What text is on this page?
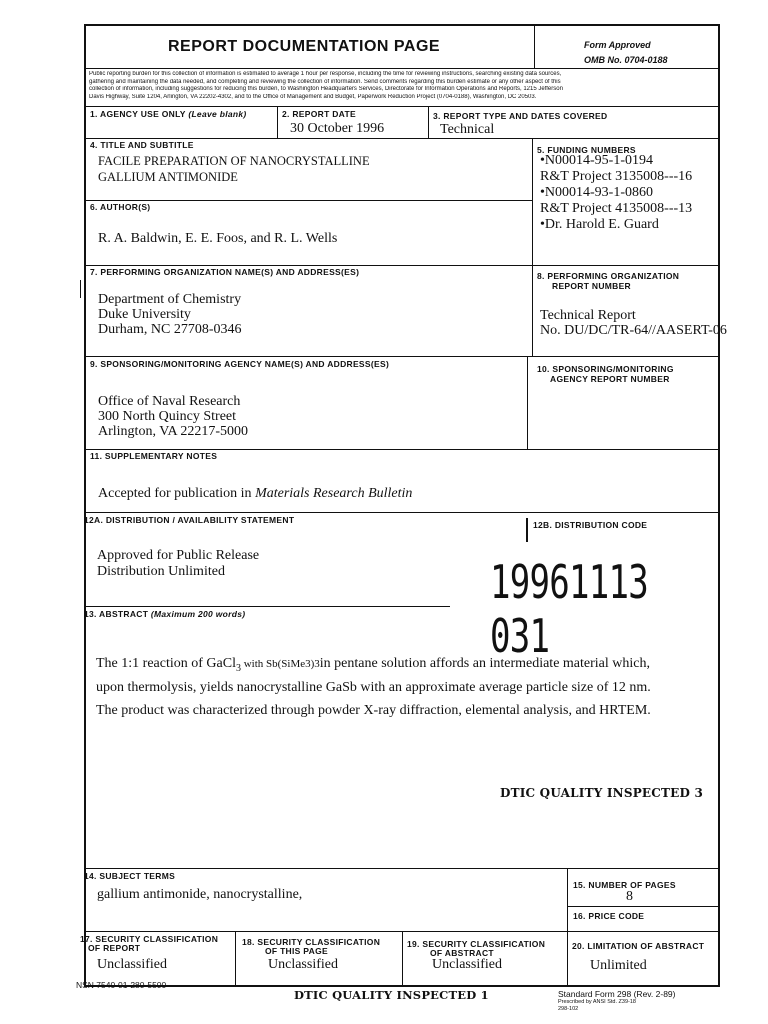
REPORT DOCUMENTATION PAGE	Form Approved
OMB No. 0704-0188
Public reporting burden for this collection of information is estimated to average 1 hour per response, including the time for reviewing instructions, searching existing data sources,
gathering and maintaining the data needed, and completing and reviewing the collection of information. Send comments regarding this burden estimate or any other aspect of this
collection of information, including suggestions for reducing this burden, to Washington Headquarters Services, Directorate for Information Operations and Reports, 1215 Jefferson
Davis Highway, Suite 1204, Arlington, VA 22202-4302, and to the Office of Management and Budget, Paperwork Reduction Project (0704-0188), Washington, DC 20503.
1. AGENCY USE ONLY (Leave blank)	2. REPORT DATE
30 October 1996
3. REPORT TYPE AND DATES COVERED
Technical
4. TITLE AND SUBTITLE
FACILE PREPARATION OF NANOCRYSTALLINE
GALLIUM ANTIMONIDE
5. FUNDING NUMBERS
•N00014-95-1-0194
R&T Project 3135008---16
•N00014-93-1-0860
R&T Project 4135008---13
•Dr. Harold E. Guard
6. AUTHOR(S)
R. A. Baldwin, E. E. Foos, and R. L. Wells
7. PERFORMING ORGANIZATION NAME(S) AND ADDRESS(ES)
Department of Chemistry
Duke University
Durham, NC 27708-0346
8. PERFORMING ORGANIZATION
REPORT NUMBER
Technical Report
No. DU/DC/TR-64//AASERT-06
9. SPONSORING/MONITORING AGENCY NAME(S) AND ADDRESS(ES)
Office of Naval Research
300 North Quincy Street
Arlington, VA 22217-5000
10. SPONSORING/MONITORING
AGENCY REPORT NUMBER
11. SUPPLEMENTARY NOTES
Accepted for publication in Materials Research Bulletin
12A. DISTRIBUTION / AVAILABILITY STATEMENT	12B. DISTRIBUTION CODE
Approved for Public Release
Distribution Unlimited	19961113 031
13. ABSTRACT (Maximum 200 words)
The 1:1 reaction of GaCl$_3$ with Sb(SiMe3)3in pentane solution affords an intermediate material which,
upon thermolysis, yields nanocrystalline GaSb with an approximate average particle size of 12 nm.
The product was characterized through powder X-ray diffraction, elemental analysis, and HRTEM.
DTIC QUALITY INSPECTED 3
14. SUBJECT TERMS
gallium antimonide, nanocrystalline,
15. NUMBER OF PAGES
8
16. PRICE CODE
17. SECURITY CLASSIFICATION
OF REPORT
Unclassified
18. SECURITY CLASSIFICATION
OF THIS PAGE
Unclassified
19. SECURITY CLASSIFICATION
OF ABSTRACT
Unclassified
20. LIMITATION OF ABSTRACT
Unlimited
NSN 7540-01-280-5500
DTIC QUALITY INSPECTED 1	Standard Form 298 (Rev. 2-89)
Prescribed by ANSI Std. Z39-18
298-102
